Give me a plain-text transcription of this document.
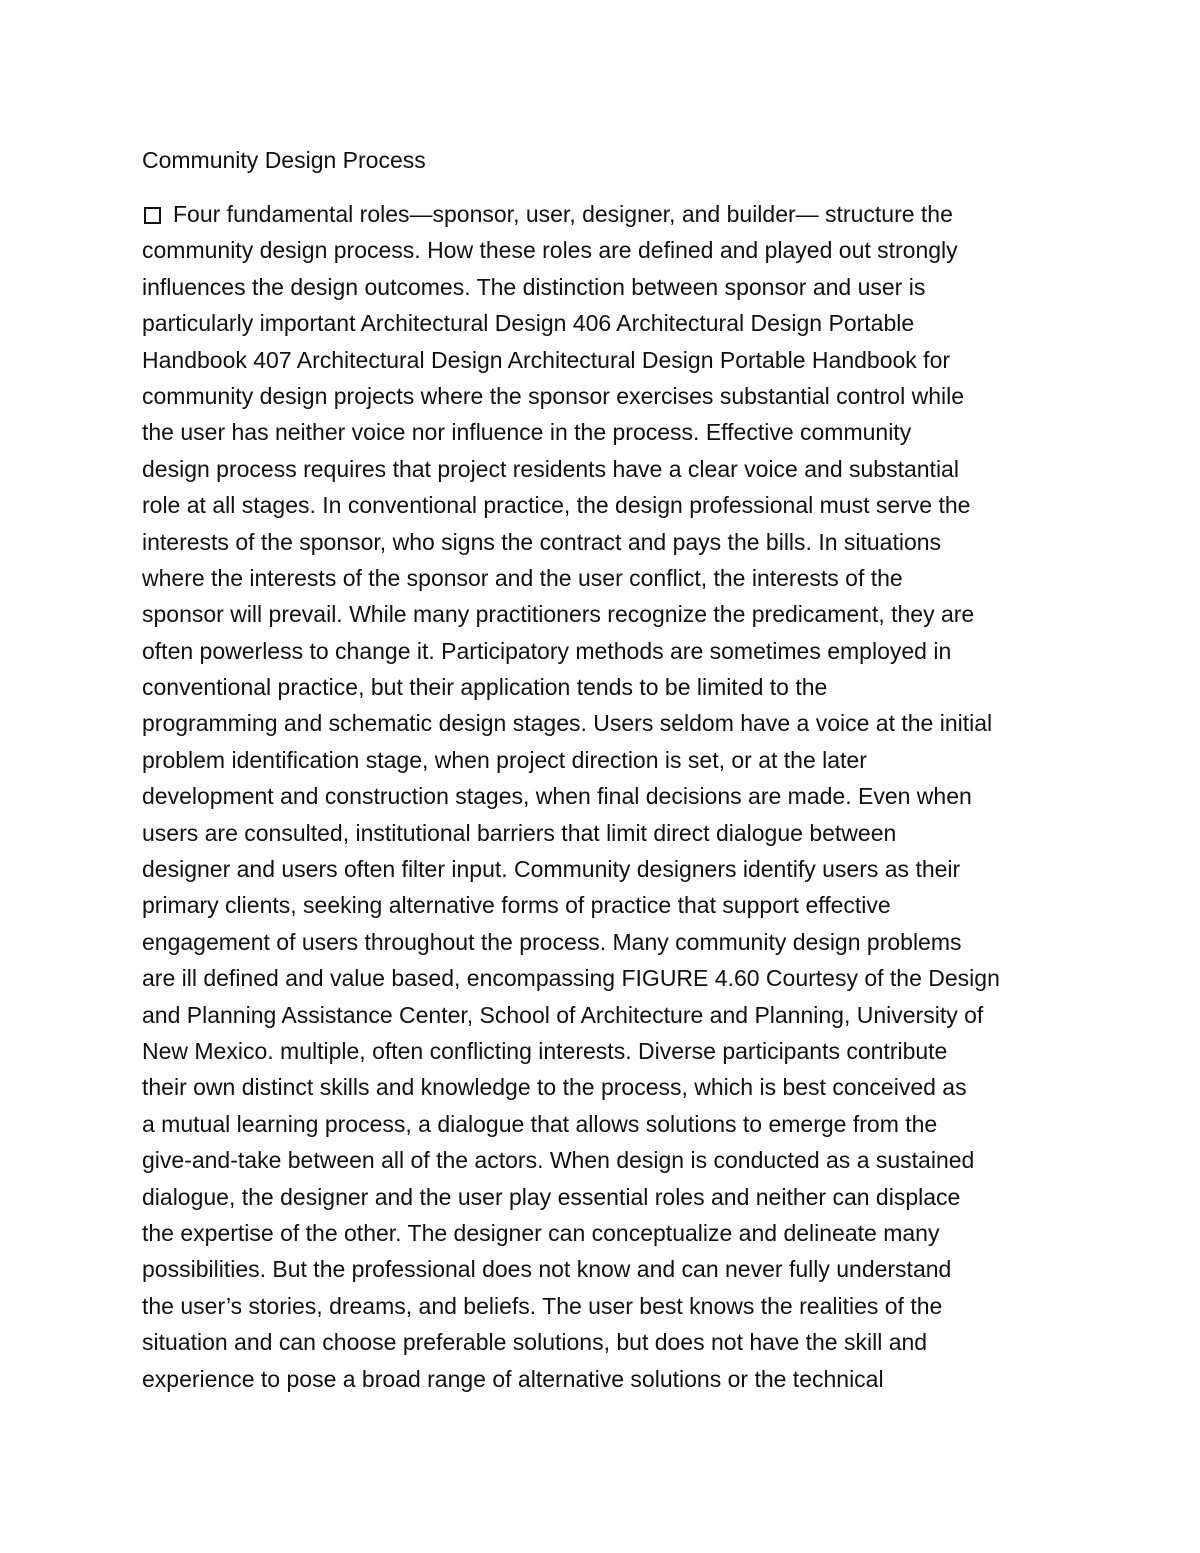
Community Design Process
Four fundamental roles—sponsor, user, designer, and builder— structure the
community design process. How these roles are defined and played out strongly
influences the design outcomes. The distinction between sponsor and user is
particularly important Architectural Design 406 Architectural Design Portable
Handbook 407 Architectural Design Architectural Design Portable Handbook for
community design projects where the sponsor exercises substantial control while
the user has neither voice nor influence in the process. Effective community
design process requires that project residents have a clear voice and substantial
role at all stages. In conventional practice, the design professional must serve the
interests of the sponsor, who signs the contract and pays the bills. In situations
where the interests of the sponsor and the user conflict, the interests of the
sponsor will prevail. While many practitioners recognize the predicament, they are
often powerless to change it. Participatory methods are sometimes employed in
conventional practice, but their application tends to be limited to the
programming and schematic design stages. Users seldom have a voice at the initial
problem identification stage, when project direction is set, or at the later
development and construction stages, when final decisions are made. Even when
users are consulted, institutional barriers that limit direct dialogue between
designer and users often filter input. Community designers identify users as their
primary clients, seeking alternative forms of practice that support effective
engagement of users throughout the process. Many community design problems
are ill defined and value based, encompassing FIGURE 4.60 Courtesy of the Design
and Planning Assistance Center, School of Architecture and Planning, University of
New Mexico. multiple, often conflicting interests. Diverse participants contribute
their own distinct skills and knowledge to the process, which is best conceived as
a mutual learning process, a dialogue that allows solutions to emerge from the
give-and-take between all of the actors. When design is conducted as a sustained
dialogue, the designer and the user play essential roles and neither can displace
the expertise of the other. The designer can conceptualize and delineate many
possibilities. But the professional does not know and can never fully understand
the user’s stories, dreams, and beliefs. The user best knows the realities of the
situation and can choose preferable solutions, but does not have the skill and
experience to pose a broad range of alternative solutions or the technical
